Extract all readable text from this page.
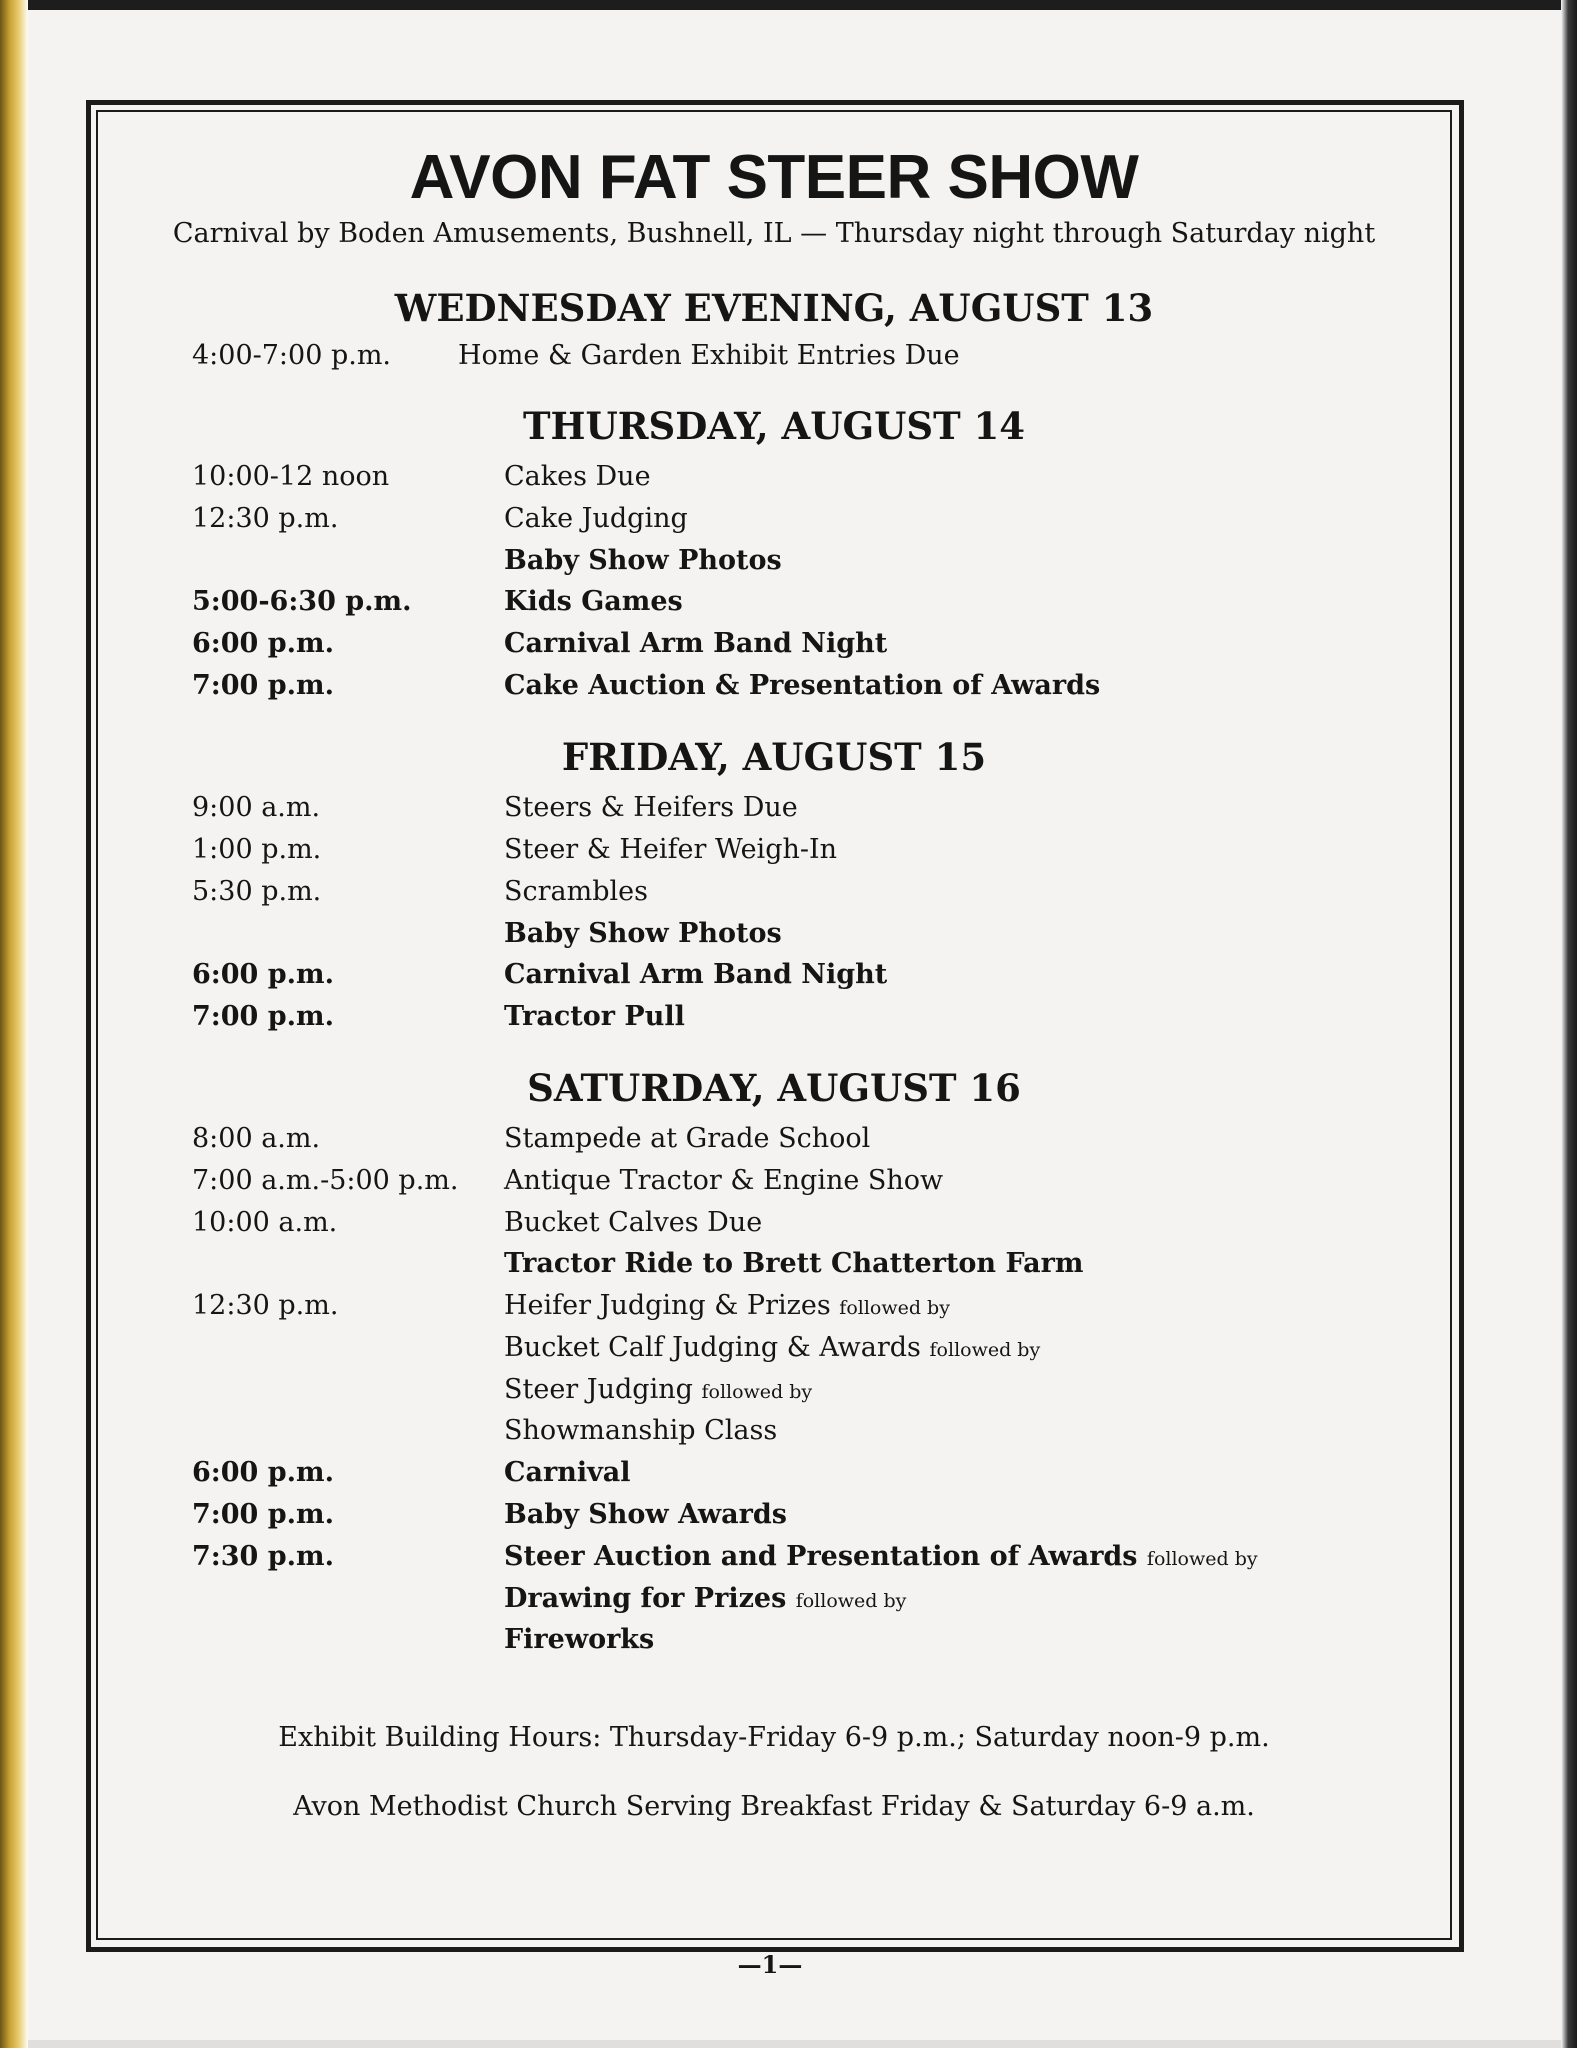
AVON FAT STEER SHOW

Carnival by Boden Amusements, Bushnell, IL — Thursday night through Saturday night

WEDNESDAY EVENING, AUGUST 13
4:00-7:00 p.m. Home & Garden Exhibit Entries Due
THURSDAY, AUGUST 14
10:00-12 noon	Cakes Due
12:30 p.m.	Cake Judging
Baby Show Photos
5:00-6:30 p.m.	Kids Games
6:00 p.m.	Carnival Arm Band Night
7:00 p.m.	Cake Auction & Presentation of Awards
FRIDAY, AUGUST 15
9:00 a.m.	Steers & Heifers Due
1:00 p.m.	Steer & Heifer Weigh-In
5:30 p.m.	Scrambles
Baby Show Photos
6:00 p.m.	Carnival Arm Band Night
7:00 p.m.	Tractor Pull
SATURDAY, AUGUST 16
8:00 a.m.	Stampede at Grade School
7:00 a.m.-5:00 p.m. Antique Tractor & Engine Show
10:00 a.m.	Bucket Calves Due
Tractor Ride to Brett Chatterton Farm
12:30 p.m.	Heifer Judging & Prizes followed by
Bucket Calf Judging & Awards followed by
Steer Judging followed by
Showmanship Class
6:00 p.m.	Carnival
7:00 p.m.	Baby Show Awards
7:30 p.m.	Steer Auction and Presentation of Awards followed by
Drawing for Prizes followed by
Fireworks

Exhibit Building Hours: Thursday-Friday 6-9 p.m.; Saturday noon-9 p.m.

Avon Methodist Church Serving Breakfast Friday & Saturday 6-9 a.m.

—1—
